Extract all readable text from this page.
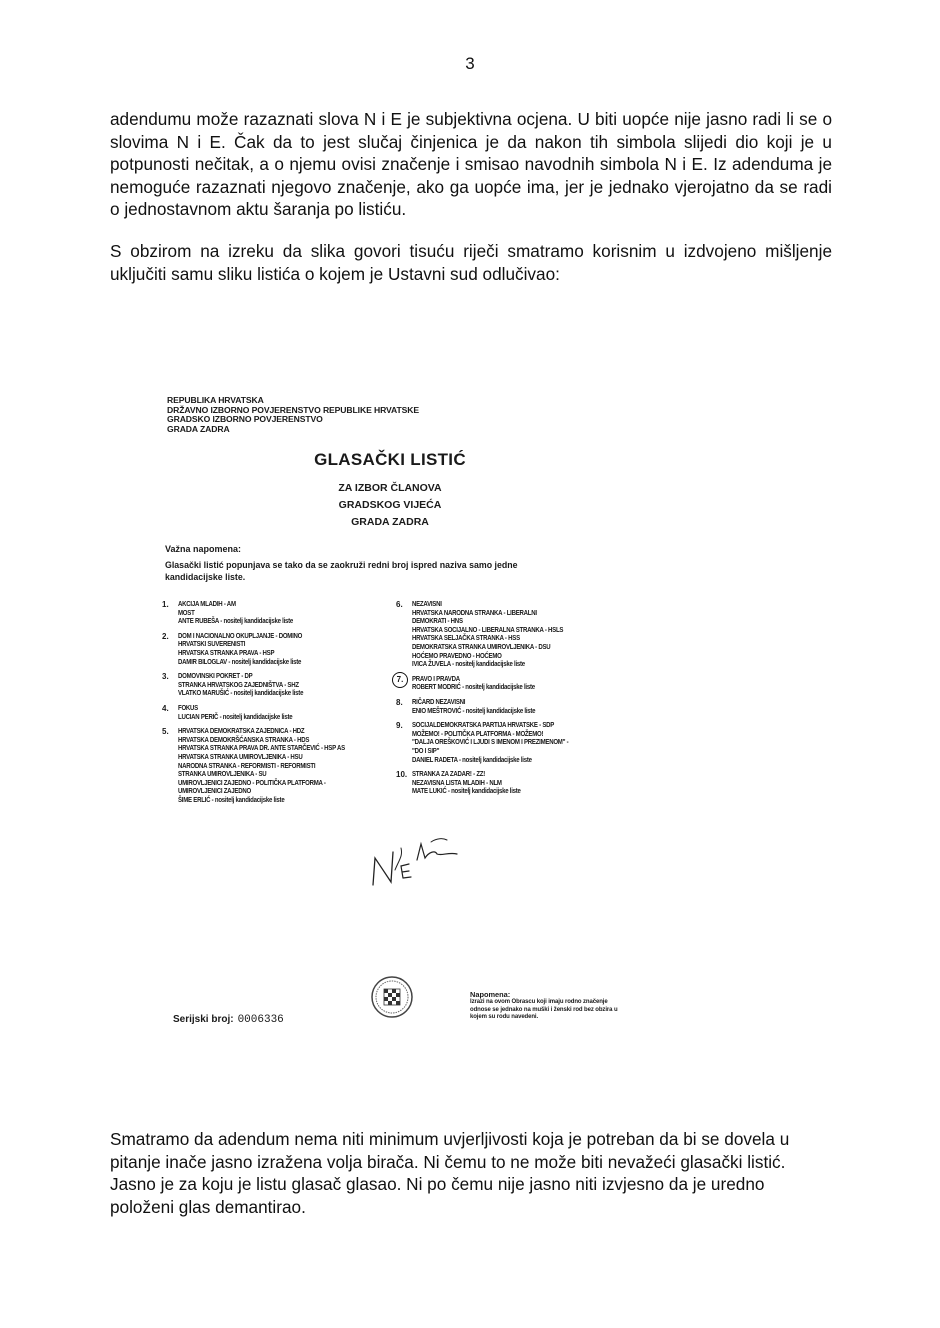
3

adendumu može razaznati slova N i E je subjektivna ocjena. U biti uopće nije jasno radi li se o slovima N i E. Čak da to jest slučaj činjenica je da nakon tih simbola slijedi dio koji je u potpunosti nečitak, a o njemu ovisi značenje i smisao navodnih simbola N i E. Iz adenduma je nemoguće razaznati njegovo značenje, ako ga uopće ima, jer je jednako vjerojatno da se radi o jednostavnom aktu šaranja po listiću.

S obzirom na izreku da slika govori tisuću riječi smatramo korisnim u izdvojeno mišljenje uključiti samu sliku listića o kojem je Ustavni sud odlučivao:

REPUBLIKA HRVATSKA
DRŽAVNO IZBORNO POVJERENSTVO REPUBLIKE HRVATSKE
GRADSKO IZBORNO POVJERENSTVO
GRADA ZADRA
GLASAČKI LISTIĆ
ZA IZBOR ČLANOVA
GRADSKOG VIJEĆA
GRADA ZADRA
Važna napomena:
Glasački listić popunjava se tako da se zaokruži redni broj ispred naziva samo jedne kandidacijske liste.
1.	AKCIJA MLADIH - AM
MOST
ANTE RUBEŠA - nositelj kandidacijske liste
2.	DOM I NACIONALNO OKUPLJANJE - DOMINO
HRVATSKI SUVERENISTI
HRVATSKA STRANKA PRAVA - HSP
DAMIR BILOGLAV - nositelj kandidacijske liste
3.	DOMOVINSKI POKRET - DP
STRANKA HRVATSKOG ZAJEDNIŠTVA - SHZ
VLATKO MARUŠIĆ - nositelj kandidacijske liste
4.	FOKUS
LUCIAN PERIČ - nositelj kandidacijske liste
5.	HRVATSKA DEMOKRATSKA ZAJEDNICA - HDZ
HRVATSKA DEMOKRŠĆANSKA STRANKA - HDS
HRVATSKA STRANKA PRAVA DR. ANTE STARČEVIĆ - HSP AS
HRVATSKA STRANKA UMIROVLJENIKA - HSU
NARODNA STRANKA - REFORMISTI - REFORMISTI
STRANKA UMIROVLJENIKA - SU
UMIROVLJENICI ZAJEDNO - POLITIČKA PLATFORMA -
UMIROVLJENICI ZAJEDNO
ŠIME ERLIĆ - nositelj kandidacijske liste
6.	NEZAVISNI
HRVATSKA NARODNA STRANKA - LIBERALNI
DEMOKRATI - HNS
HRVATSKA SOCIJALNO - LIBERALNA STRANKA - HSLS
HRVATSKA SELJAČKA STRANKA - HSS
DEMOKRATSKA STRANKA UMIROVLJENIKA - DSU
HOĆEMO PRAVEDNO - HOĆEMO
IVICA ŽUVELA - nositelj kandidacijske liste
7.	PRAVO I PRAVDA
ROBERT MODRIĆ - nositelj kandidacijske liste
8.	RIČARD NEZAVISNI
ENIO MEŠTROVIĆ - nositelj kandidacijske liste
9.	SOCIJALDEMOKRATSKA PARTIJA HRVATSKE - SDP
MOŽEMO! - POLITIČKA PLATFORMA - MOŽEMO!
"DALJA OREŠKOVIĆ I LJUDI S IMENOM I PREZIMENOM" -
"DO I SIP"
DANIEL RADETA - nositelj kandidacijske liste
10. STRANKA ZA ZADAR! - ZZ!
NEZAVISNA LISTA MLADIH - NLM
MATE LUKIĆ - nositelj kandidacijske liste
Serijski broj: 0006336
Napomena:
Izrazi na ovom Obrascu koji imaju rodno značenje odnose se jednako na muški i ženski rod bez obzira u kojem su rodu navedeni.

Smatramo da adendum nema niti minimum uvjerljivosti koja je potreban da bi se dovela u pitanje inače jasno izražena volja birača. Ni čemu to ne može biti nevažeći glasački listić. Jasno je za koju je listu glasač glasao. Ni po čemu nije jasno niti izvjesno da je uredno položeni glas demantirao.
